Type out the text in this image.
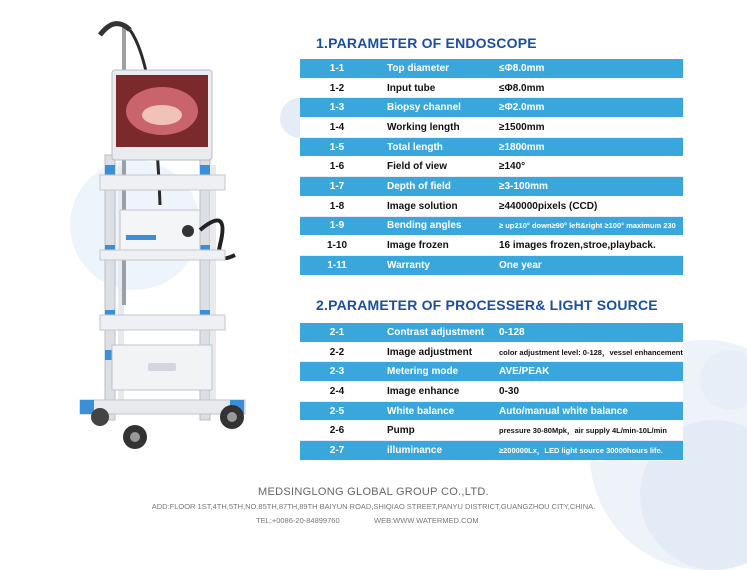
1.PARAMETER OF ENDOSCOPE
1-1	Top diameter	≤Φ8.0mm
1-2	Input tube	≤Φ8.0mm
1-3	Biopsy channel	≥Φ2.0mm
1-4	Working length	≥1500mm
1-5	Total length	≥1800mm
1-6	Field of view	≥140°
1-7	Depth of field	≥3-100mm
1-8	Image solution	≥440000pixels (CCD)
1-9	Bending angles	≥ up210° down≥90° left&right ≥100° maximum 230
1-10	Image frozen	16 images frozen,stroe,playback.
1-11	Warranty	One year
2.PARAMETER OF PROCESSER& LIGHT SOURCE
2-1	Contrast adjustment	0-128
2-2	Image adjustment	color adjustment level: 0-128，vessel enhancement
2-3	Metering mode	AVE/PEAK
2-4	Image enhance	0-30
2-5	White balance	Auto/manual white balance
2-6	Pump	pressure 30-80Mpk，air supply 4L/min-10L/min
2-7	illuminance	≥200000Lx，LED light source 30000hours life.
MEDSINGLONG GLOBAL GROUP CO.,LTD.
ADD:FLOOR 1ST,4TH,5TH,NO.85TH,87TH,89TH BAIYUN ROAD,SHIQIAO STREET,PANYU DISTRICT,GUANGZHOU CITY,CHINA.
TEL:+0086-20-84899760	WEB:WWW.WATERMED.COM
